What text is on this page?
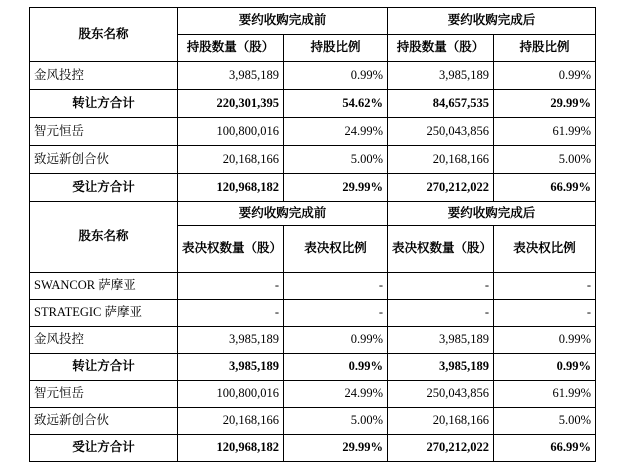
股东名称	要约收购完成前		要约收购完成后	
	持股数量（股）	持股比例	持股数量（股）	持股比例
金风投控	3,985,189	0.99%	3,985,189	0.99%
转让方合计	220,301,395	54.62%	84,657,535	29.99%
智元恒岳	100,800,016	24.99%	250,043,856	61.99%
致远新创合伙	20,168,166	5.00%	20,168,166	5.00%
受让方合计	120,968,182	29.99%	270,212,022	66.99%
股东名称	要约收购完成前		要约收购完成后	
	表决权数量（股）	表决权比例	表决权数量（股）	表决权比例
SWANCOR 萨摩亚	-	-	-	-
STRATEGIC 萨摩亚	-	-	-	-
金风投控	3,985,189	0.99%	3,985,189	0.99%
转让方合计	3,985,189	0.99%	3,985,189	0.99%
智元恒岳	100,800,016	24.99%	250,043,856	61.99%
致远新创合伙	20,168,166	5.00%	20,168,166	5.00%
受让方合计	120,968,182	29.99%	270,212,022	66.99%
